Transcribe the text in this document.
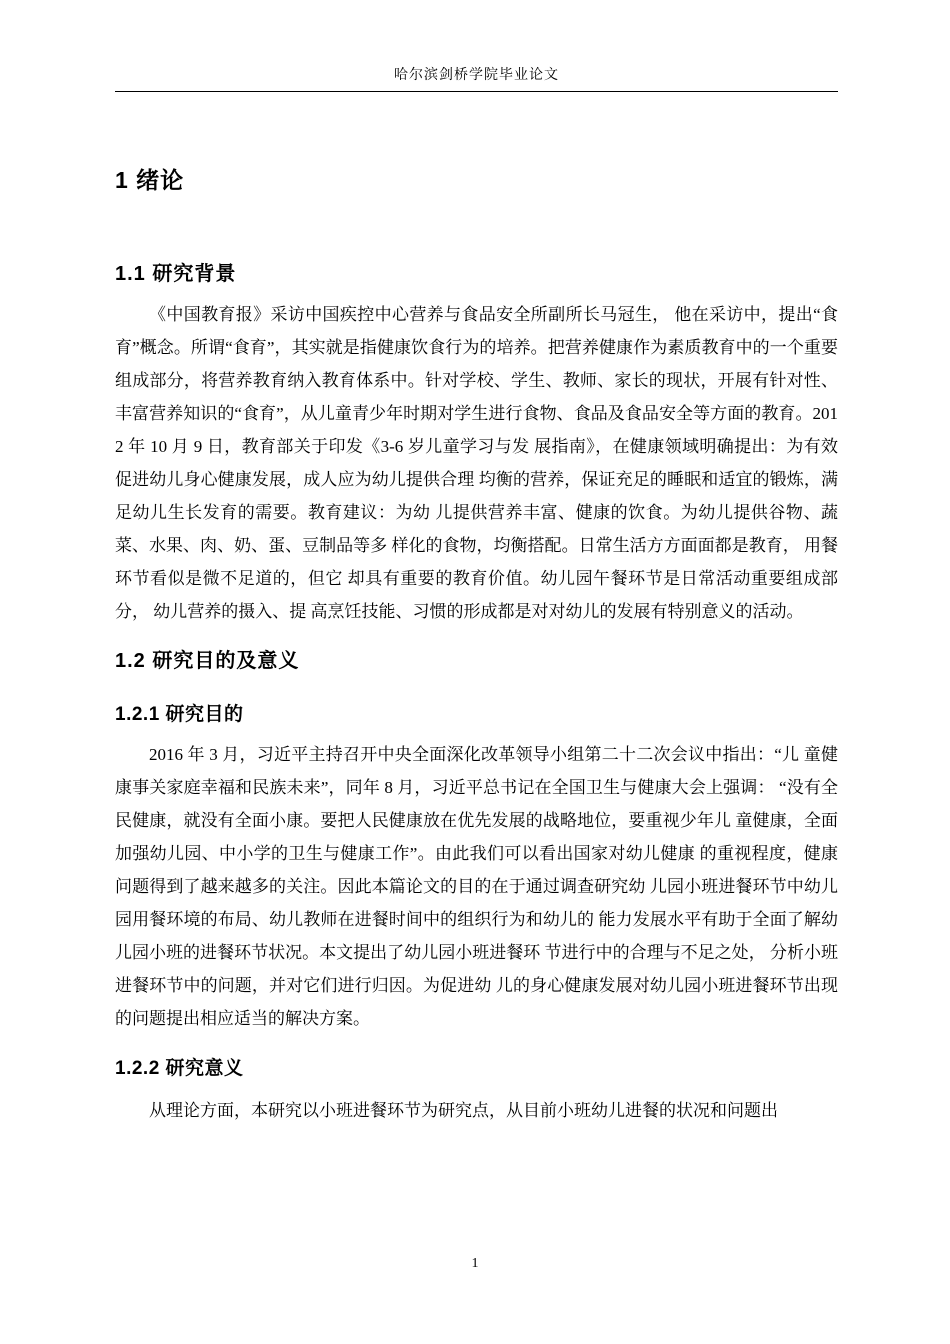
哈尔滨剑桥学院毕业论文
1 绪论
1.1 研究背景

《中国教育报》采访中国疾控中心营养与食品安全所副所长马冠生， 他在采访中，提出“食育”概念。所谓“食育”，其实就是指健康饮食行为的培养。把营养健康作为素质教育中的一个重要组成部分，将营养教育纳入教育体系中。针对学校、学生、教师、家长的现状，开展有针对性、丰富营养知识的“食育”，从儿童青少年时期对学生进行食物、食品及食品安全等方面的教育。2012 年 10 月 9 日，教育部关于印发《3-6 岁儿童学习与发 展指南》，在健康领域明确提出：为有效促进幼儿身心健康发展，成人应为幼儿提供合理 均衡的营养，保证充足的睡眠和适宜的锻炼，满足幼儿生长发育的需要。教育建议：为幼 儿提供营养丰富、健康的饮食。为幼儿提供谷物、蔬菜、水果、肉、奶、蛋、豆制品等多 样化的食物，均衡搭配。日常生活方方面面都是教育， 用餐环节看似是微不足道的，但它 却具有重要的教育价值。幼儿园午餐环节是日常活动重要组成部分， 幼儿营养的摄入、提 高烹饪技能、习惯的形成都是对对幼儿的发展有特别意义的活动。

1.2 研究目的及意义
1.2.1 研究目的

2016 年 3 月，习近平主持召开中央全面深化改革领导小组第二十二次会议中指出：“儿 童健康事关家庭幸福和民族未来”，同年 8 月，习近平总书记在全国卫生与健康大会上强调： “没有全民健康，就没有全面小康。要把人民健康放在优先发展的战略地位，要重视少年儿 童健康，全面加强幼儿园、中小学的卫生与健康工作”。由此我们可以看出国家对幼儿健康 的重视程度，健康问题得到了越来越多的关注。因此本篇论文的目的在于通过调查研究幼 儿园小班进餐环节中幼儿园用餐环境的布局、幼儿教师在进餐时间中的组织行为和幼儿的 能力发展水平有助于全面了解幼儿园小班的进餐环节状况。本文提出了幼儿园小班进餐环 节进行中的合理与不足之处， 分析小班进餐环节中的问题，并对它们进行归因。为促进幼 儿的身心健康发展对幼儿园小班进餐环节出现的问题提出相应适当的解决方案。

1.2.2 研究意义

从理论方面，本研究以小班进餐环节为研究点，从目前小班幼儿进餐的状况和问题出

1
